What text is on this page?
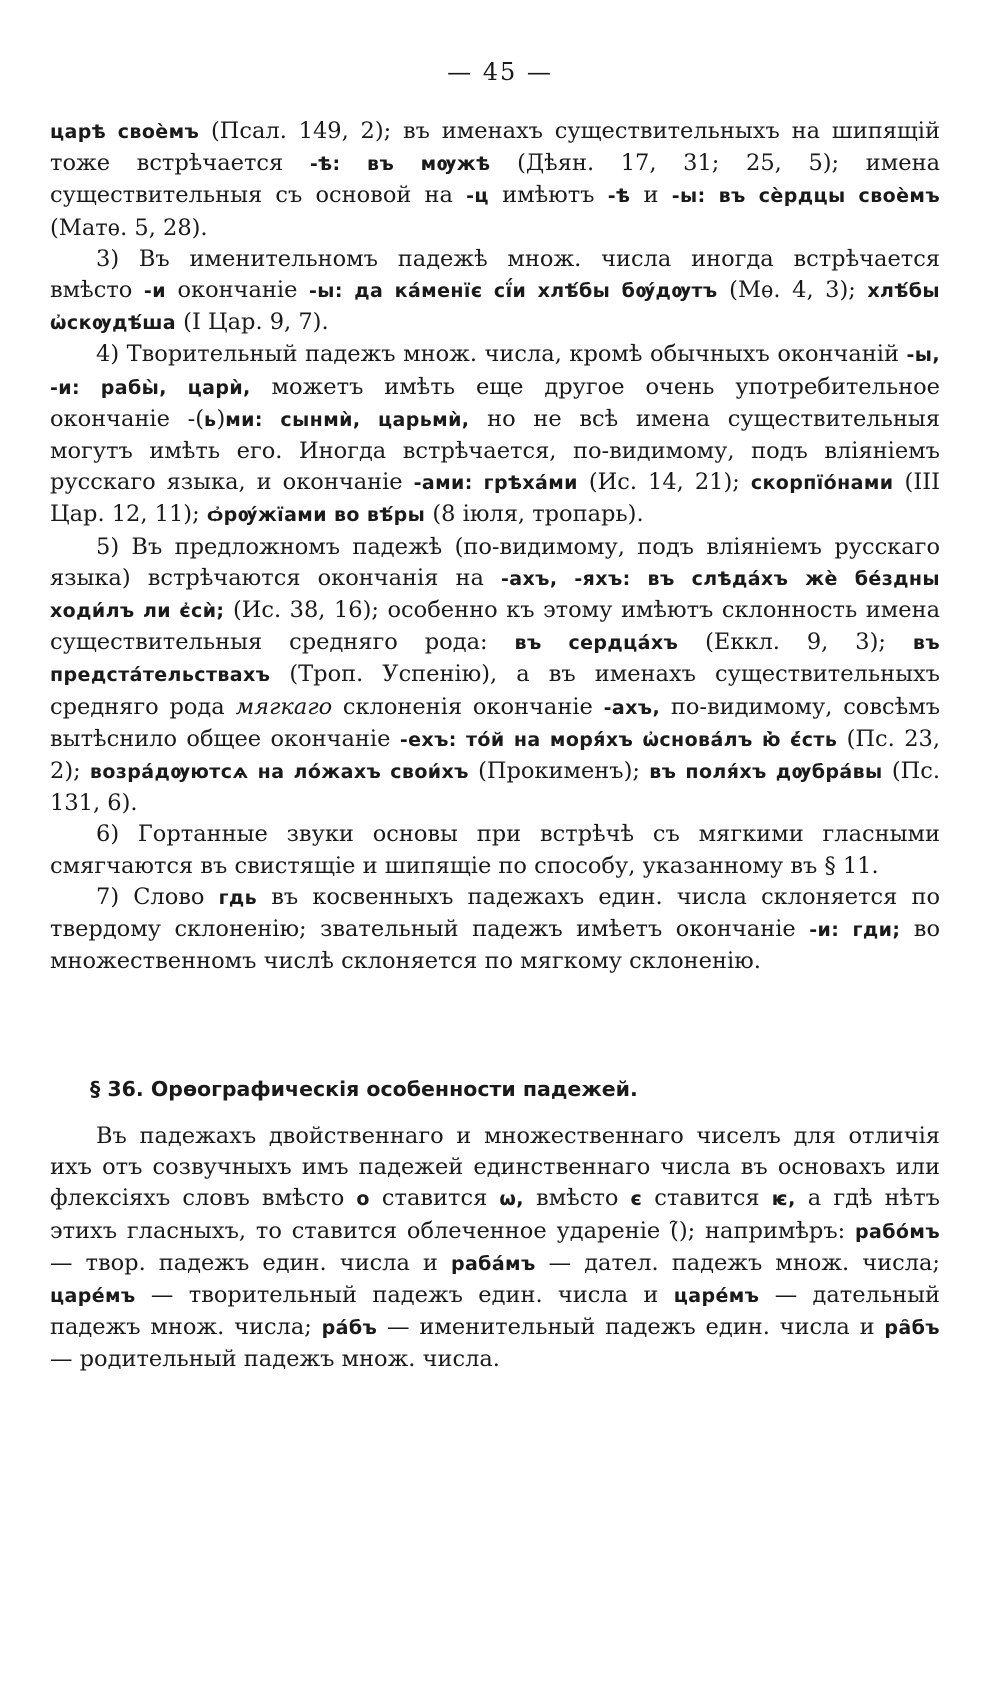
— 45 —

царѣ своѐмъ (Псал. 149, 2); въ именахъ существительныхъ на шипящій тоже встрѣчается -ѣ: въ мѹжѣ (Дѣян. 17, 31; 25, 5); имена существительныя съ основой на -ц имѣютъ -ѣ и -ы: въ сѐрдцы своѐмъ (Матѳ. 5, 28).

3) Въ именительномъ падежѣ множ. числа иногда встрѣчается вмѣсто -и окончаніе -ы: да ка́менїє сї́и хлѣ́бы бѹ́дѹтъ (Мѳ. 4, 3); хлѣ́бы ѡ҆скѹдѣ́ша (I Цар. 9, 7).

4) Творительный падежъ множ. числа, кромѣ обычныхъ окончаній -ы, -и: рабы̀, царѝ, можетъ имѣть еще другое очень употребительное окончаніе -(ь)ми: сынмѝ, царьмѝ, но не всѣ имена существительныя могутъ имѣть его. Иногда встрѣчается, по-видимому, подъ вліяніемъ русскаго языка, и окончаніе -ами: грѣха́ми (Ис. 14, 21); скорпїо́нами (III Цар. 12, 11); ѻ҆рѹ́жїами во вѣ́ры (8 іюля, тропарь).

5) Въ предложномъ падежѣ (по-видимому, подъ вліяніемъ русскаго языка) встрѣчаются окончанія на -ахъ, -яхъ: въ слѣда́хъ жѐ бе́здны ходи́лъ ли є҆сѝ; (Ис. 38, 16); особенно къ этому имѣютъ склонность имена существительныя средняго рода: въ сердца́хъ (Еккл. 9, 3); въ предста́тельствахъ (Троп. Успенію), а въ именахъ существительныхъ средняго рода мягкаго склоненія окончаніе -ахъ, по-видимому, совсѣмъ вытѣснило общее окончаніе -ехъ: то́й на моря́хъ ѡ҆снова́лъ ю҆̀ є҆́сть (Пс. 23, 2); возра́дѹютсѧ на ло́жахъ свои́хъ (Прокименъ); въ поля́хъ дѹбра́вы (Пс. 131, 6).

6) Гортанные звуки основы при встрѣчѣ съ мягкими гласными смягчаются въ свистящіе и шипящіе по способу, указанному въ § 11.

7) Слово гдь въ косвенныхъ падежахъ един. числа склоняется по твердому склоненію; звательный падежъ имѣетъ окончаніе -и: гди; во множественномъ числѣ склоняется по мягкому склоненію.

§ 36. Орѳографическія особенности падежей.

Въ падежахъ двойственнаго и множественнаго чиселъ для отличія ихъ отъ созвучныхъ имъ падежей единственнаго числа въ основахъ или флексіяхъ словъ вмѣсто о ставится ѡ, вмѣсто є ставится ѥ, а гдѣ нѣтъ этихъ гласныхъ, то ставится облеченное удареніе (̑); напримѣръ: рабо́мъ — твор. падежъ един. числа и раба́мъ — дател. падежъ множ. числа; царе́мъ — творительный падежъ един. числа и царе́мъ — дательный падежъ множ. числа; ра́бъ — именительный падежъ един. числа и ра̑бъ — родительный падежъ множ. числа.
